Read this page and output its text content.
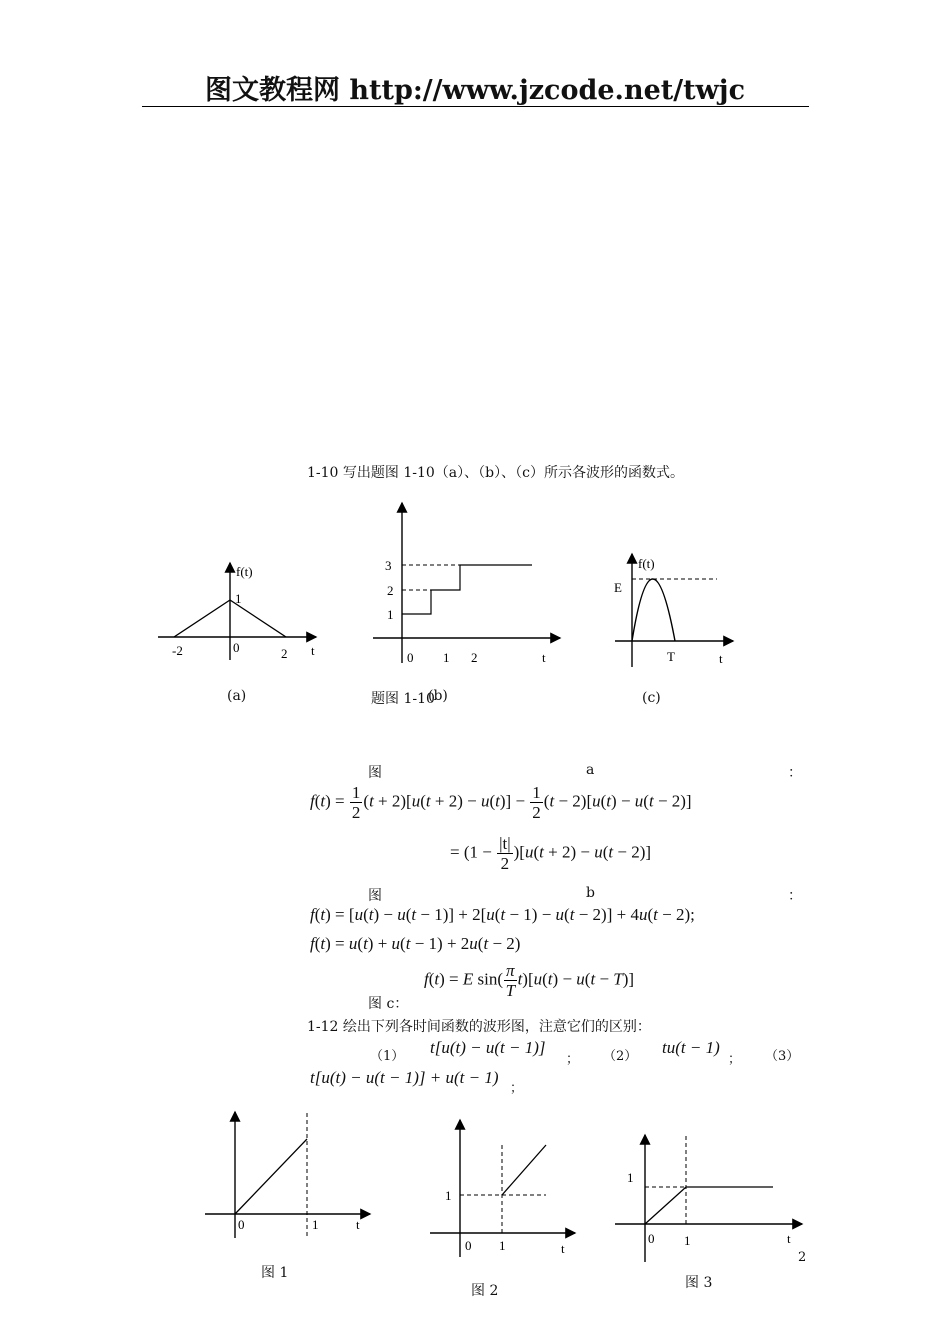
图文教程网 http://www.jzcode.net/twjc
1-10 写出题图 1-10（a）、（b）、（c）所示各波形的函数式。
f(t)
1
-2	0	2 t
(a)
3
2
1
0 1 2	t
题图 1-10
(b)
f(t)
E
T	t
(c)
图	a	：
$f(t) = \frac{1}{2} (t + 2)[u(t + 2) - u(t)] - \frac{1}{2} (t - 2)[u(t) - u(t - 2)]$
= $(1 - \frac{|t|}{2} )[u(t + 2) - u(t - 2)]$
图	b	：
f(t) = [u(t) − u(t − 1)] + 2[u(t − 1) − u(t − 2)] + 4u(t − 2);
f(t) = u(t) + u(t − 1) + 2u(t − 2)
f(t) = E $\sin( \frac{\pi}{T} t)[u(t) - u(t - T)]$
图 c：
1-12 绘出下列各时间函数的波形图，注意它们的区别：
（1） t[u(t) − u(t − 1)]
； （2） tu(t − 1)
； （3）
t[u(t) − u(t − 1)] + u(t − 1)
；
0	1	t
图 1
1
0 1	t
图 2
1
0 1	t
图 3
2
